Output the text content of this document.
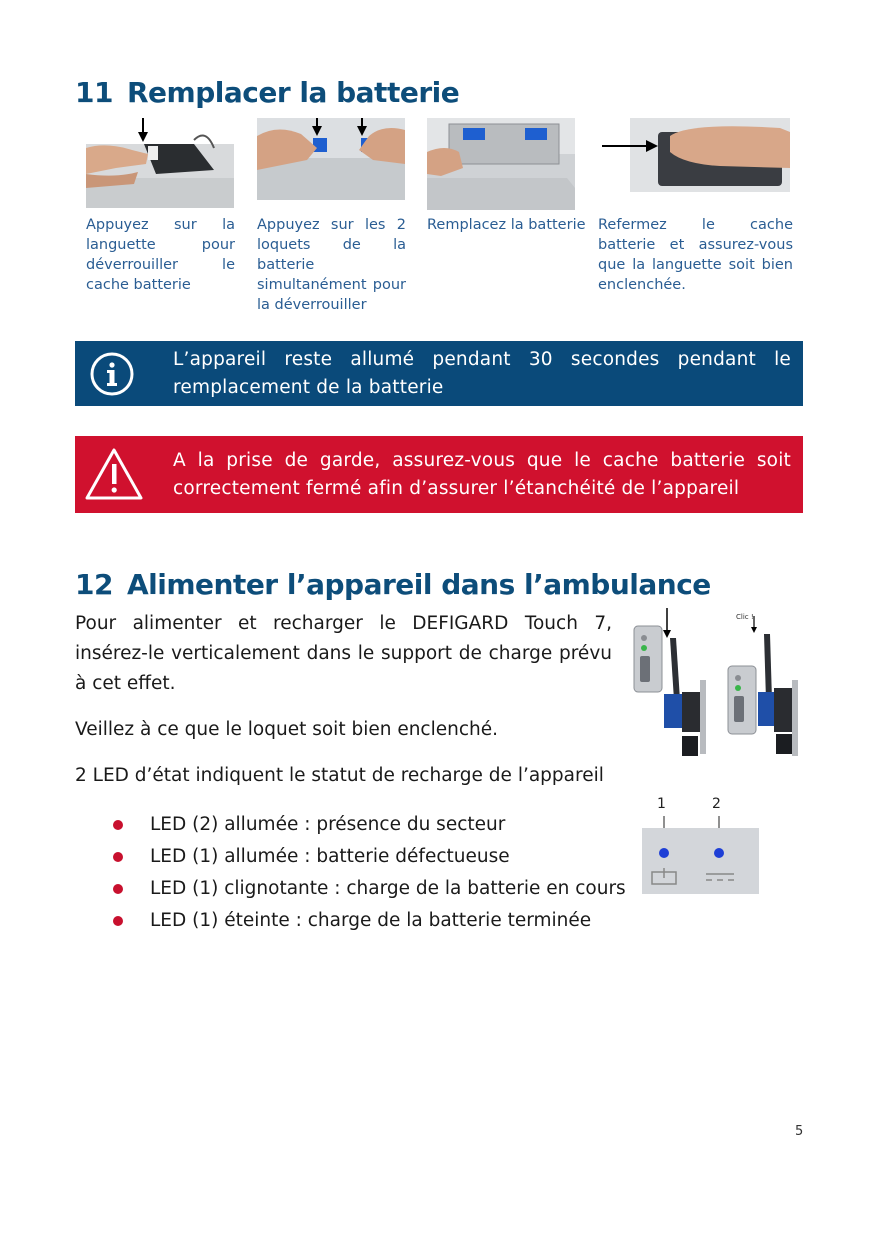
11 Remplacer la batterie
Appuyez sur la languette pour déverrouiller le cache batterie
Appuyez sur les 2 loquets de la batterie simultanément pour la déverrouiller
Remplacez la batterie Refermez le cache batterie et assurez-vous que la languette soit bien enclenchée.
L’appareil reste allumé pendant 30 secondes pendant le remplacement de la batterie
A la prise de garde, assurez-vous que le cache batterie soit correctement fermé afin d’assurer l’étanchéité de l’appareil
12 Alimenter l’appareil dans l’ambulance
Pour alimenter et recharger le DEFIGARD Touch 7, insérez-le verticalement dans le support de charge prévu à cet effet.
Veillez à ce que le loquet soit bien enclenché.
2 LED d’état indiquent le statut de recharge de l’appareil
LED (2) allumée : présence du secteur
LED (1) allumée : batterie défectueuse
LED (1) clignotante : charge de la batterie en cours
LED (1) éteinte : charge de la batterie terminée
Clic !
1	2
5
